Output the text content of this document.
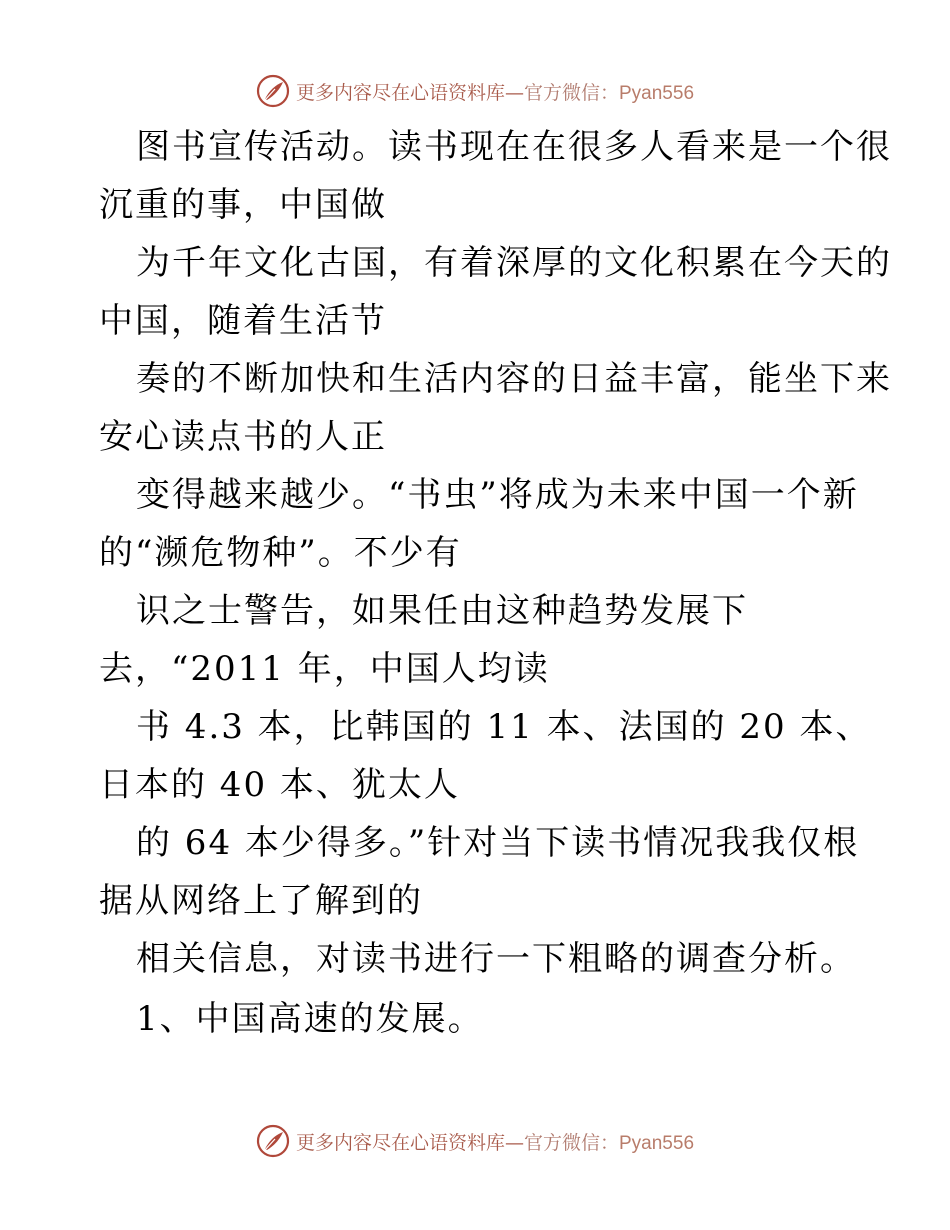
更多内容尽在心语资料库—官方微信：Pyan556
图书宣传活动。读书现在在很多人看来是一个很
沉重的事，中国做
为千年文化古国，有着深厚的文化积累在今天的
中国，随着生活节
奏的不断加快和生活内容的日益丰富，能坐下来
安心读点书的人正
变得越来越少。“书虫”将成为未来中国一个新
的“濒危物种”。不少有
识之士警告，如果任由这种趋势发展下
去，“2011 年，中国人均读
书 4.3 本，比韩国的 11 本、法国的 20 本、
日本的 40 本、犹太人
的 64 本少得多。”针对当下读书情况我我仅根
据从网络上了解到的
相关信息，对读书进行一下粗略的调查分析。
1、中国高速的发展。
更多内容尽在心语资料库—官方微信：Pyan556
